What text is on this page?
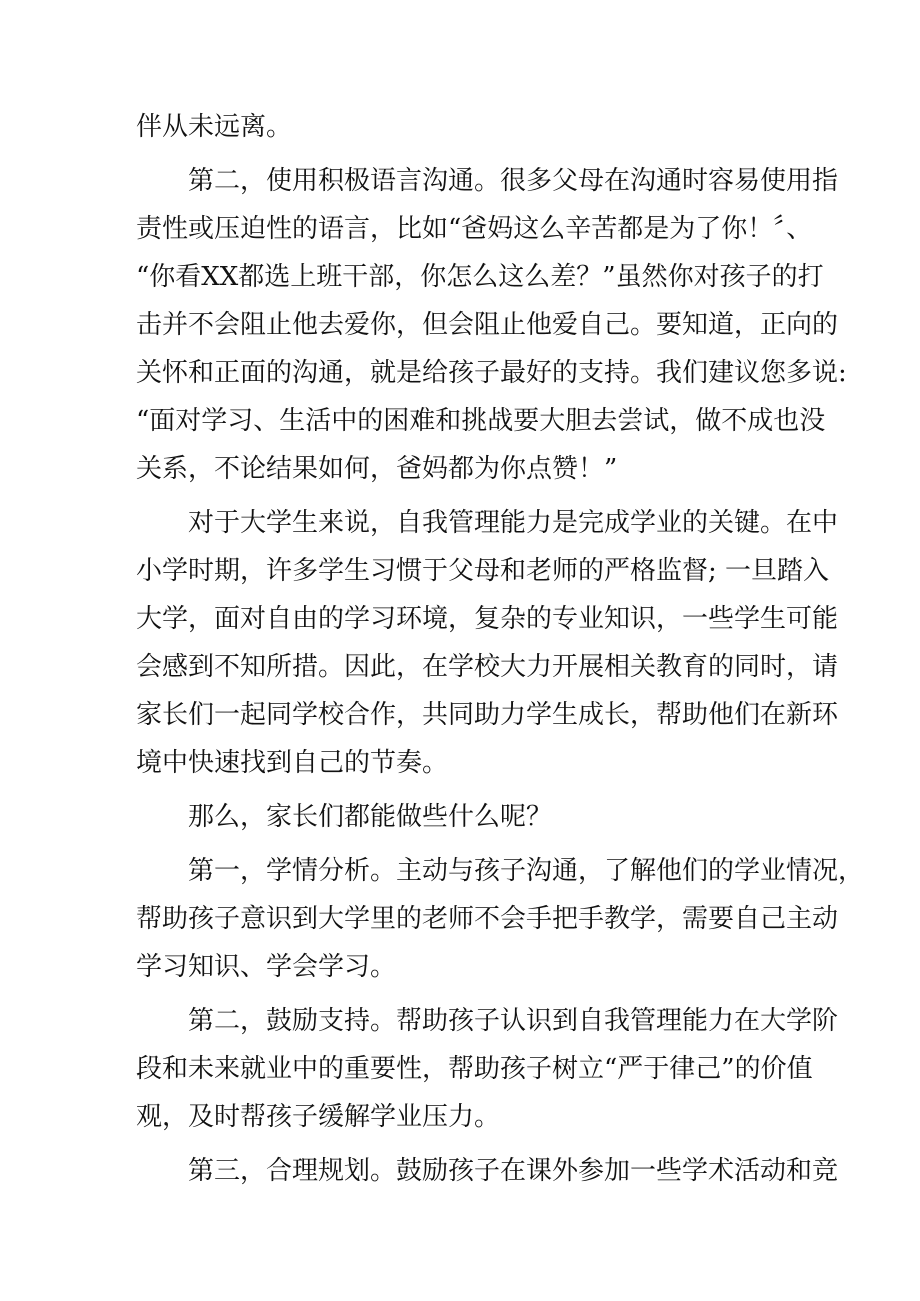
伴从未远离。
第二，使用积极语言沟通。很多父母在沟通时容易使用指
责性或压迫性的语言，比如“爸妈这么辛苦都是为了你！〞、
“你看XX都选上班干部，你怎么这么差？”虽然你对孩子的打
击并不会阻止他去爱你，但会阻止他爱自己。要知道，正向的
关怀和正面的沟通，就是给孩子最好的支持。我们建议您多说:
“面对学习、生活中的困难和挑战要大胆去尝试，做不成也没
关系，不论结果如何，爸妈都为你点赞！”
对于大学生来说，自我管理能力是完成学业的关键。在中
小学时期，许多学生习惯于父母和老师的严格监督; 一旦踏入
大学，面对自由的学习环境，复杂的专业知识，一些学生可能
会感到不知所措。因此，在学校大力开展相关教育的同时，请
家长们一起同学校合作，共同助力学生成长，帮助他们在新环
境中快速找到自己的节奏。
那么，家长们都能做些什么呢？
第一，学情分析。主动与孩子沟通，了解他们的学业情况，
帮助孩子意识到大学里的老师不会手把手教学，需要自己主动
学习知识、学会学习。
第二，鼓励支持。帮助孩子认识到自我管理能力在大学阶
段和未来就业中的重要性，帮助孩子树立“严于律己”的价值
观，及时帮孩子缓解学业压力。
第三，合理规划。鼓励孩子在课外参加一些学术活动和竞
